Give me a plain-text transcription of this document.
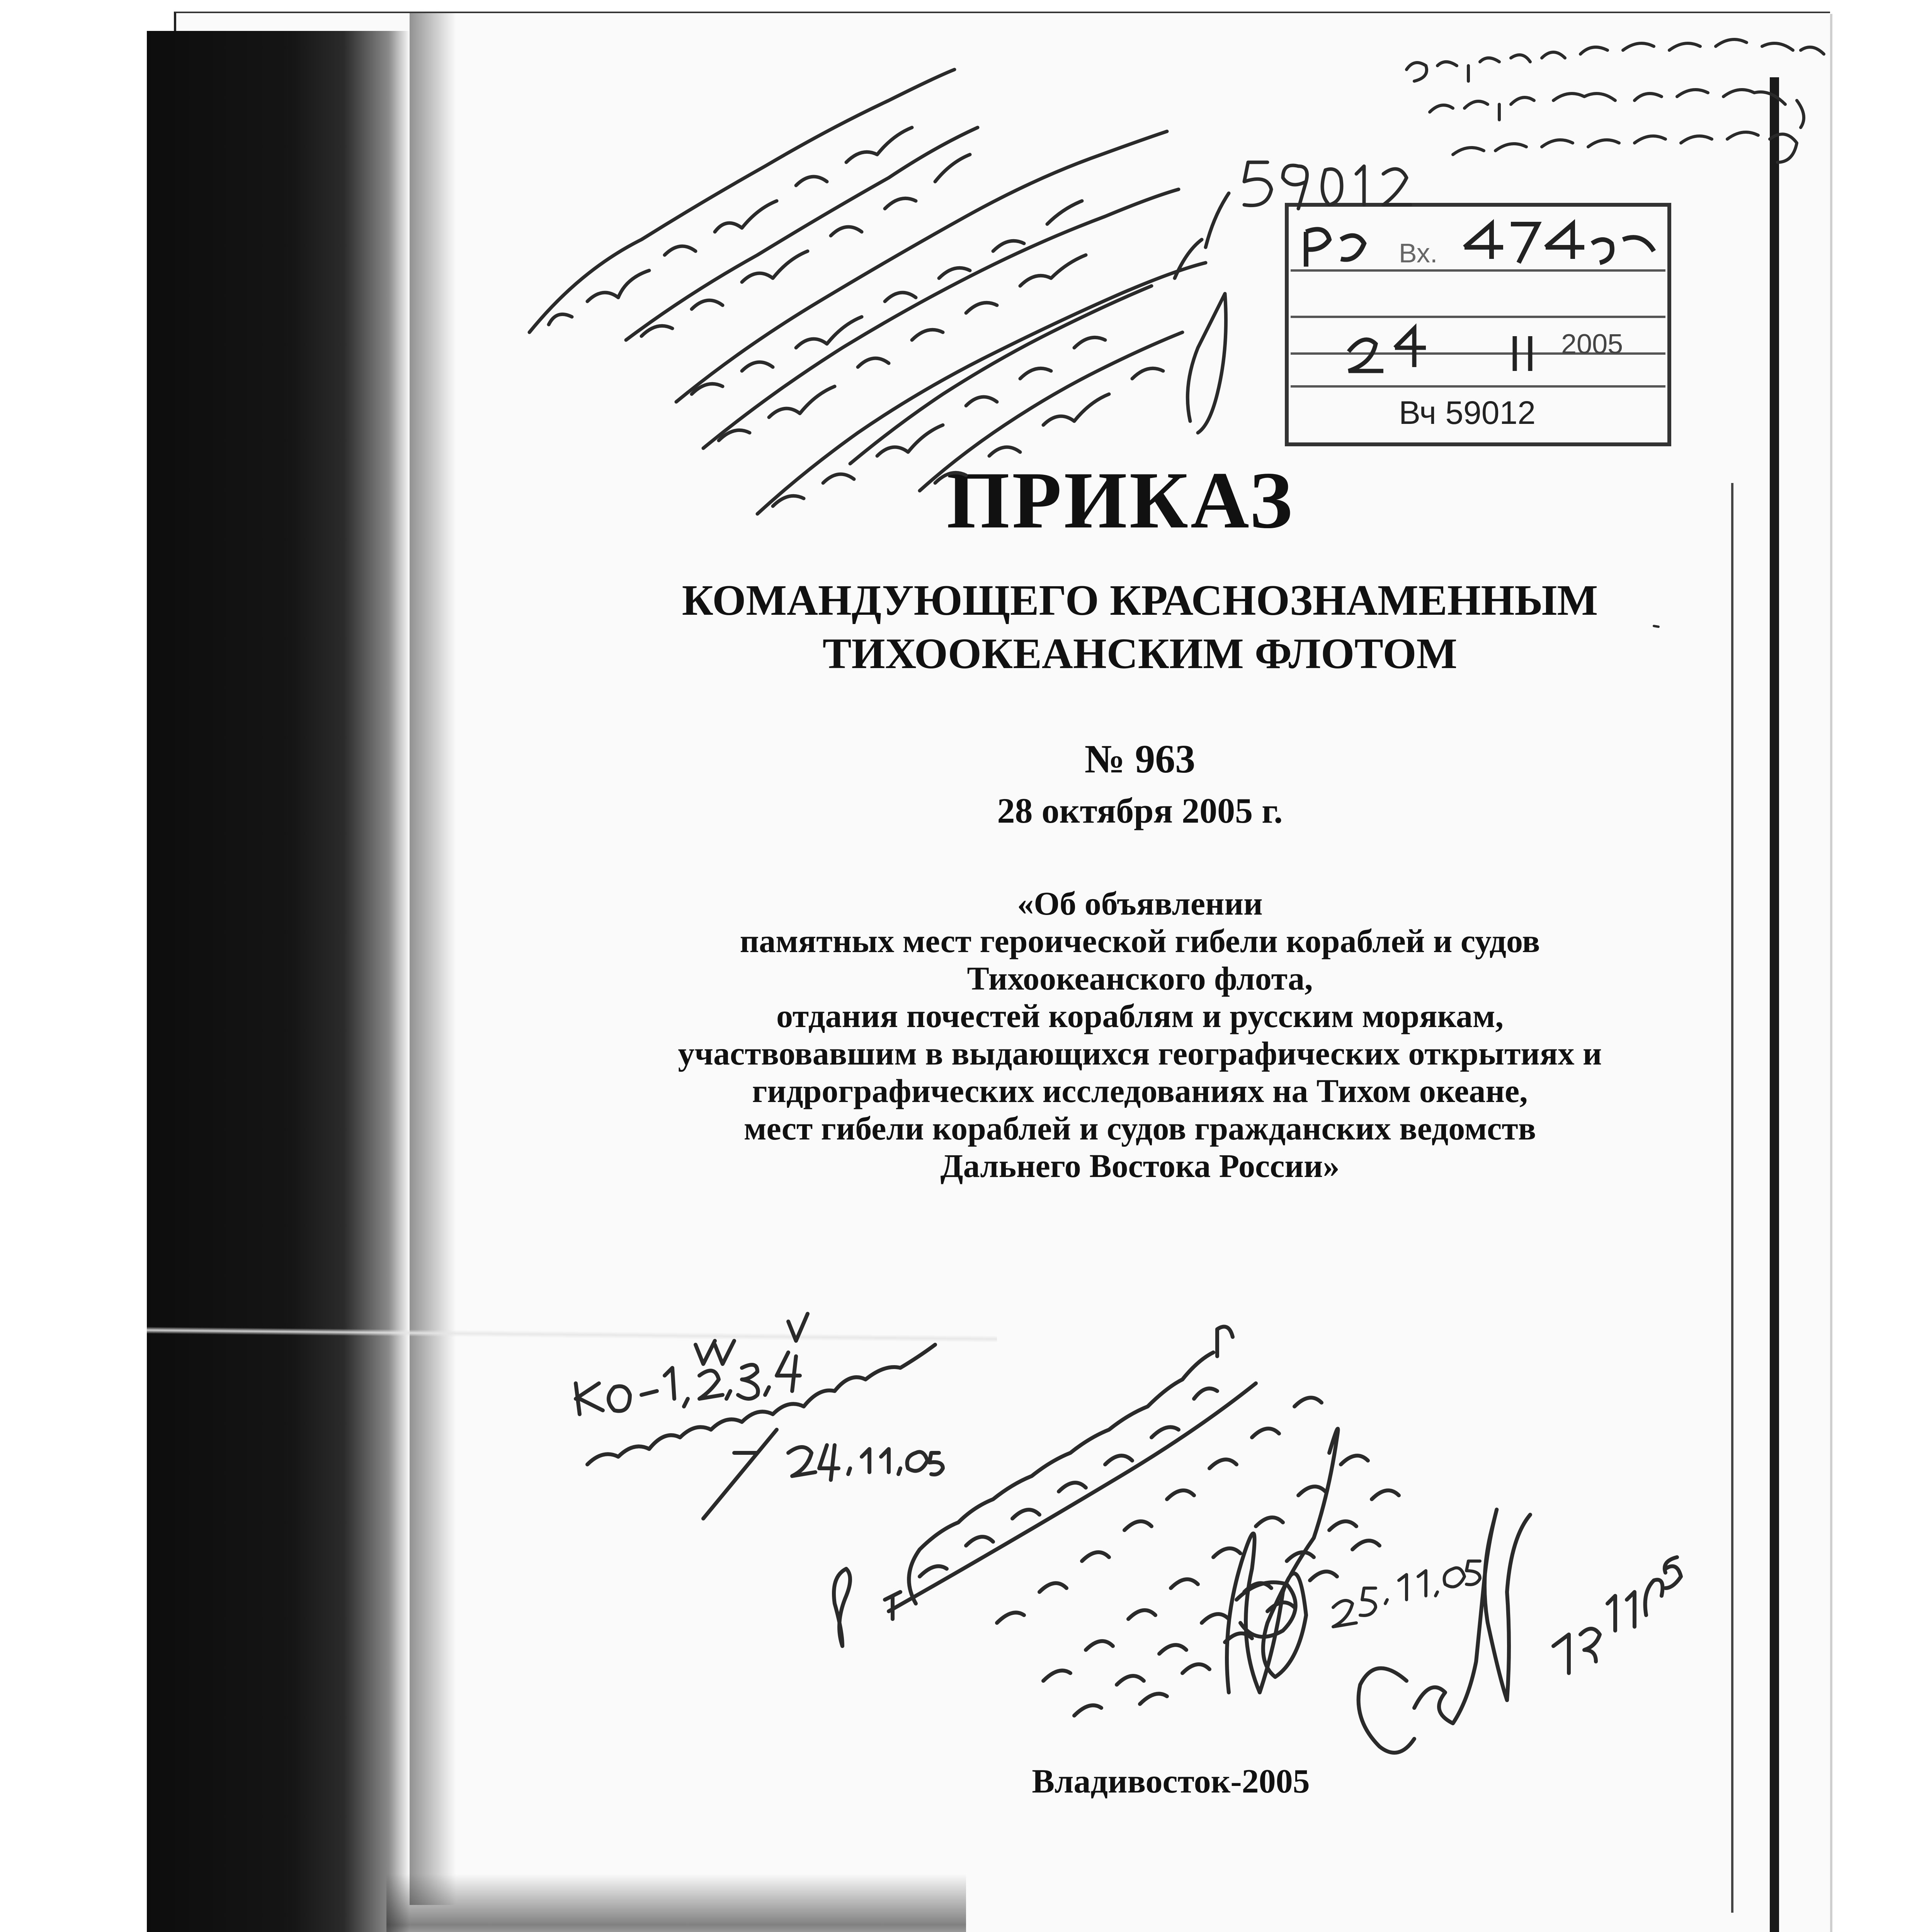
Вх.
2005
Вч 59012
ПРИКАЗ
КОМАНДУЮЩЕГО КРАСНОЗНАМЕННЫМ
ТИХООКЕАНСКИМ ФЛОТОМ
№ 963
28 октября 2005 г.
«Об объявлении
памятных мест героической гибели кораблей и судов
Тихоокеанского флота,
отдания почестей кораблям и русским морякам,
участвовавшим в выдающихся географических открытиях и
гидрографических исследованиях на Тихом океане,
мест гибели кораблей и судов гражданских ведомств
Дальнего Востока России»
Владивосток-2005
